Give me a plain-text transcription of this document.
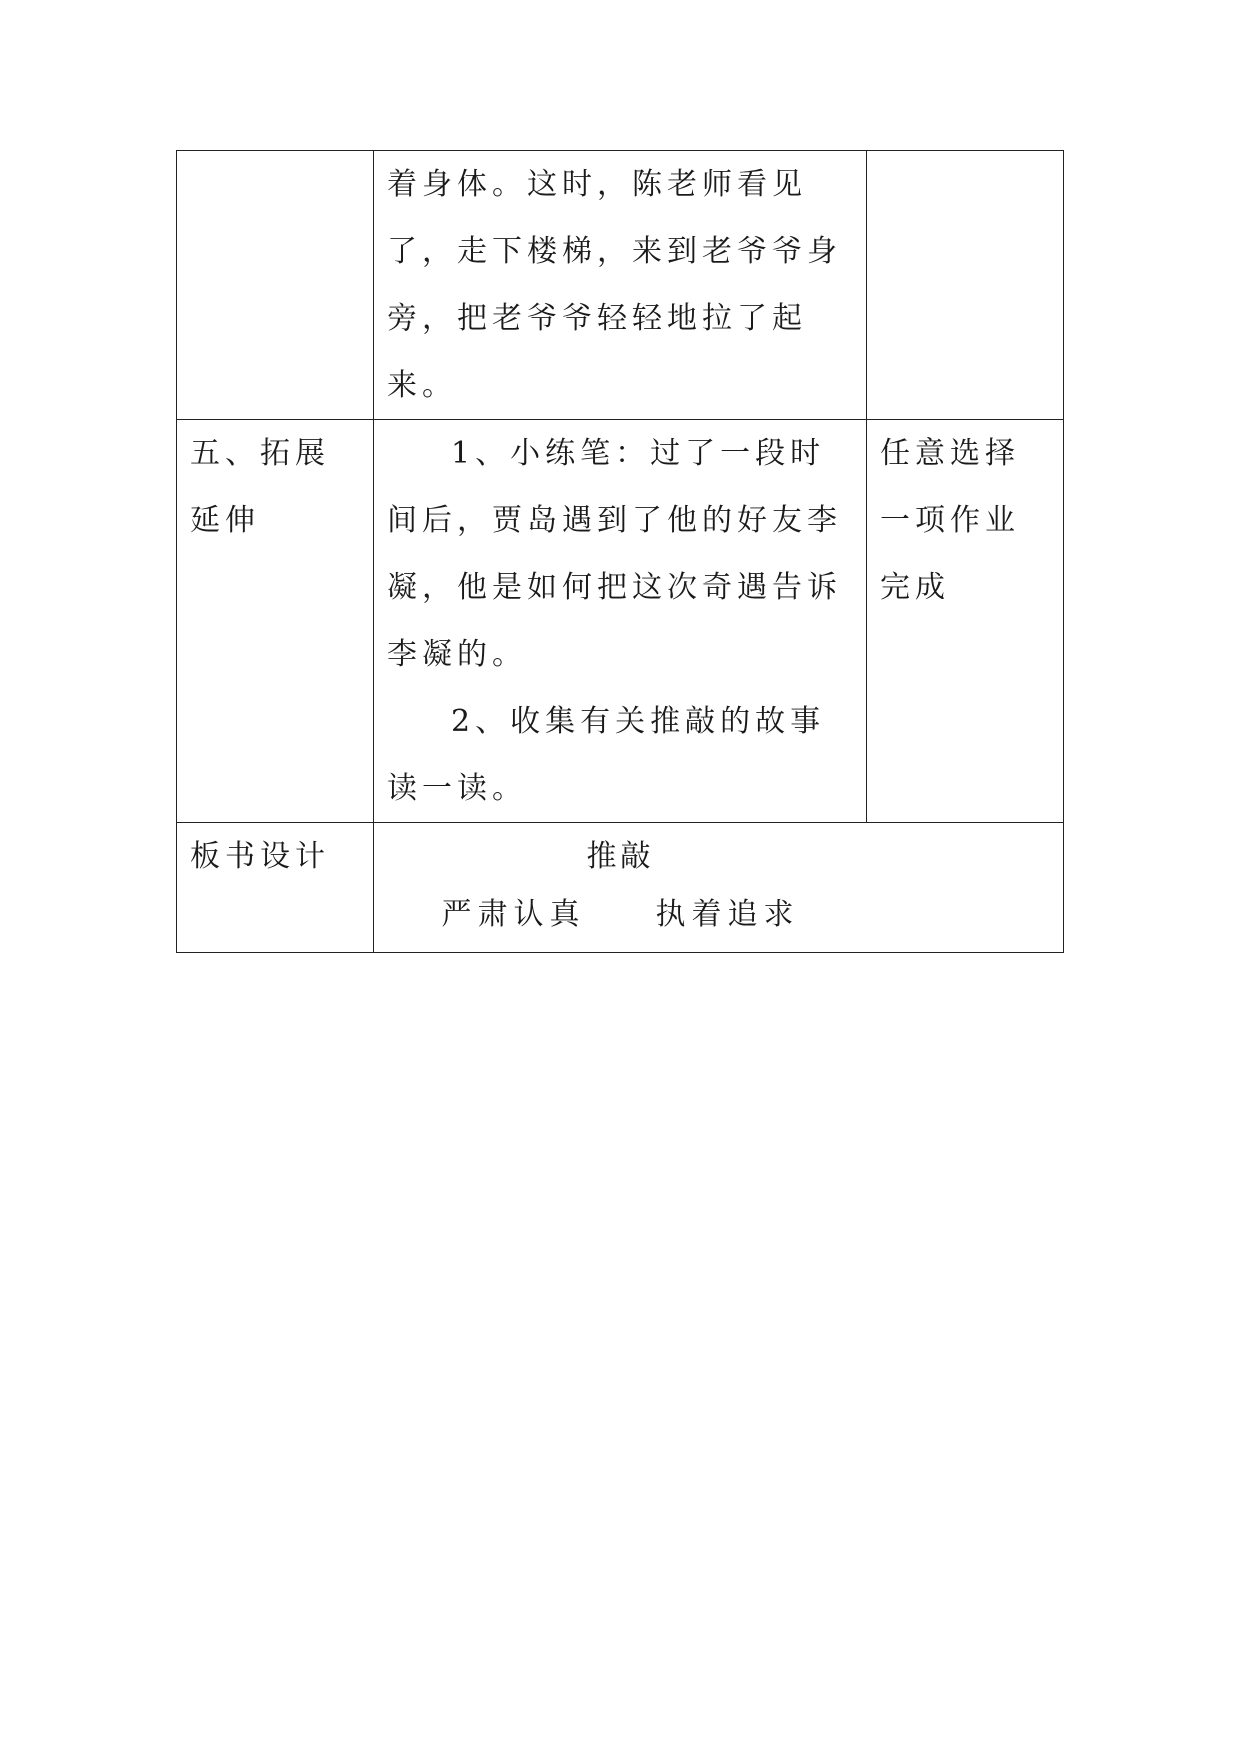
	着身体。这时，陈老师看见了，走下楼梯，来到老爷爷身旁，把老爷爷轻轻地拉了起来。	

五、拓展延伸	1、小练笔：过了一段时间后，贾岛遇到了他的好友李凝，他是如何把这次奇遇告诉李凝的。
2、收集有关推敲的故事读一读。	任意选择一项作业完成

板书设计	推敲
严肃认真 执着追求	
